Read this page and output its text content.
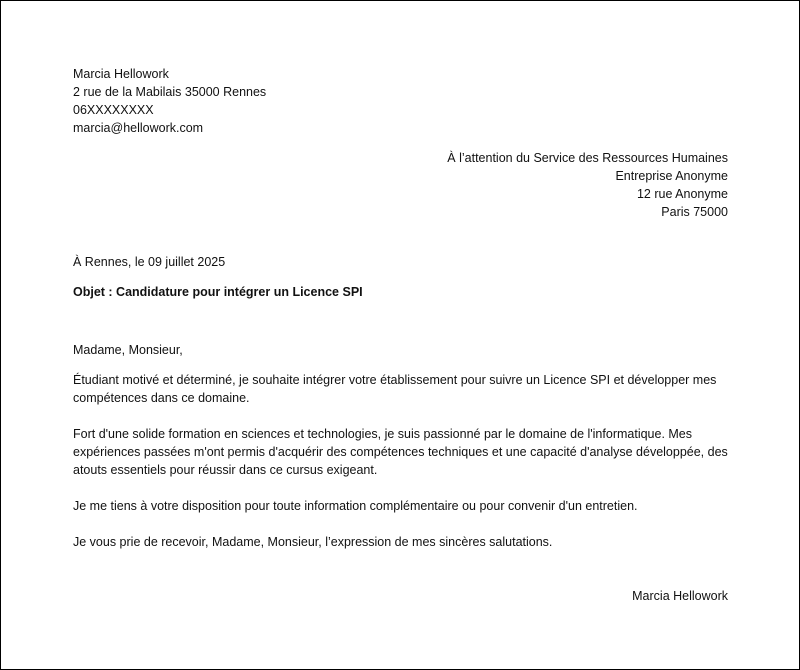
Marcia Hellowork
2 rue de la Mabilais 35000 Rennes
06XXXXXXXX
marcia@hellowork.com
À l’attention du Service des Ressources Humaines
Entreprise Anonyme
12 rue Anonyme
Paris 75000
À Rennes, le 09 juillet 2025
Objet : Candidature pour intégrer un Licence SPI
Madame, Monsieur,

Étudiant motivé et déterminé, je souhaite intégrer votre établissement pour suivre un Licence SPI et développer mes compétences dans ce domaine.

Fort d'une solide formation en sciences et technologies, je suis passionné par le domaine de l'informatique. Mes expériences passées m'ont permis d'acquérir des compétences techniques et une capacité d'analyse développée, des atouts essentiels pour réussir dans ce cursus exigeant.

Je me tiens à votre disposition pour toute information complémentaire ou pour convenir d'un entretien.

Je vous prie de recevoir, Madame, Monsieur, l’expression de mes sincères salutations.

Marcia Hellowork
